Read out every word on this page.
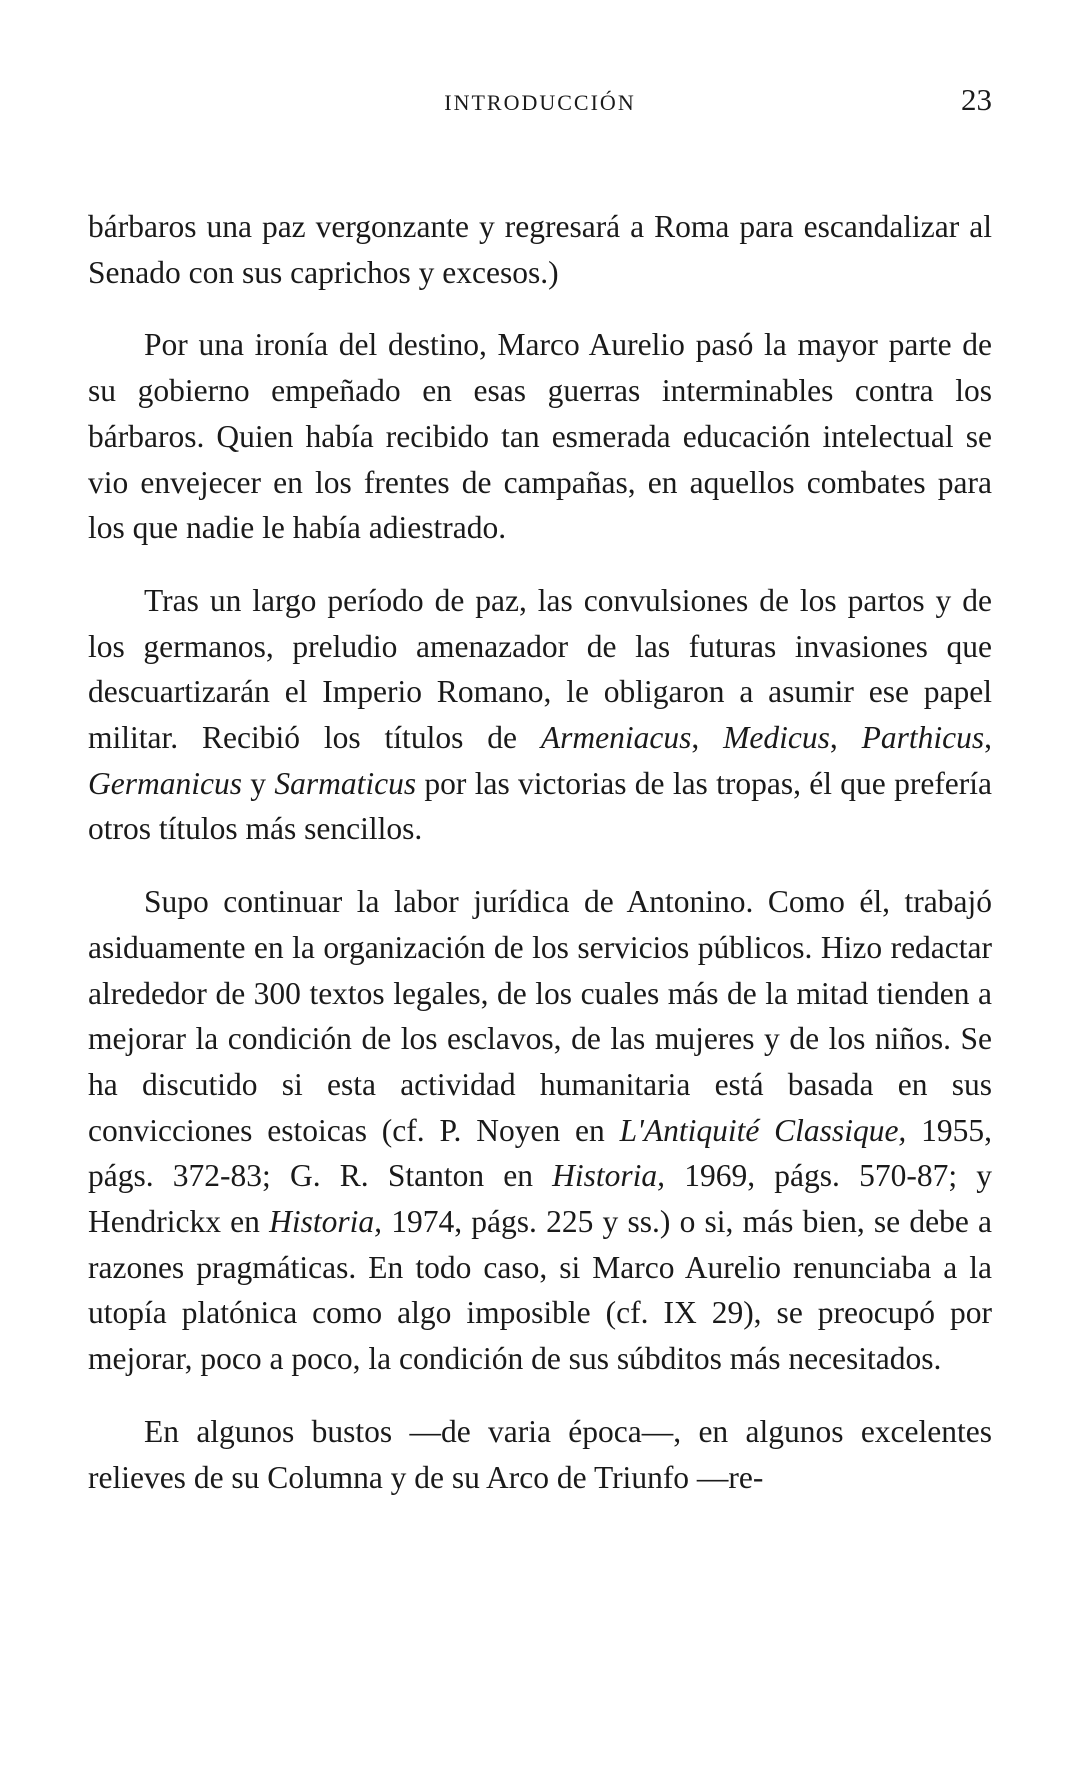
INTRODUCCIÓN	23

bárbaros una paz vergonzante y regresará a Roma para escandalizar al Senado con sus caprichos y excesos.)

Por una ironía del destino, Marco Aurelio pasó la mayor parte de su gobierno empeñado en esas guerras interminables contra los bárbaros. Quien había recibido tan esmerada educación intelectual se vio envejecer en los frentes de campañas, en aquellos combates para los que nadie le había adiestrado.

Tras un largo período de paz, las convulsiones de los partos y de los germanos, preludio amenazador de las futuras invasiones que descuartizarán el Imperio Romano, le obligaron a asumir ese papel militar. Recibió los títulos de Armeniacus, Medicus, Parthicus, Germanicus y Sarmaticus por las victorias de las tropas, él que prefería otros títulos más sencillos.

Supo continuar la labor jurídica de Antonino. Como él, trabajó asiduamente en la organización de los servicios públicos. Hizo redactar alrededor de 300 textos legales, de los cuales más de la mitad tienden a mejorar la condición de los esclavos, de las mujeres y de los niños. Se ha discutido si esta actividad humanitaria está basada en sus convicciones estoicas (cf. P. Noyen en L'Antiquité Classique, 1955, págs. 372-83; G. R. Stanton en Historia, 1969, págs. 570-87; y Hendrickx en Historia, 1974, págs. 225 y ss.) o si, más bien, se debe a razones pragmáticas. En todo caso, si Marco Aurelio renunciaba a la utopía platónica como algo imposible (cf. IX 29), se preocupó por mejorar, poco a poco, la condición de sus súbditos más necesitados.

En algunos bustos —de varia época—, en algunos excelentes relieves de su Columna y de su Arco de Triunfo —re-
